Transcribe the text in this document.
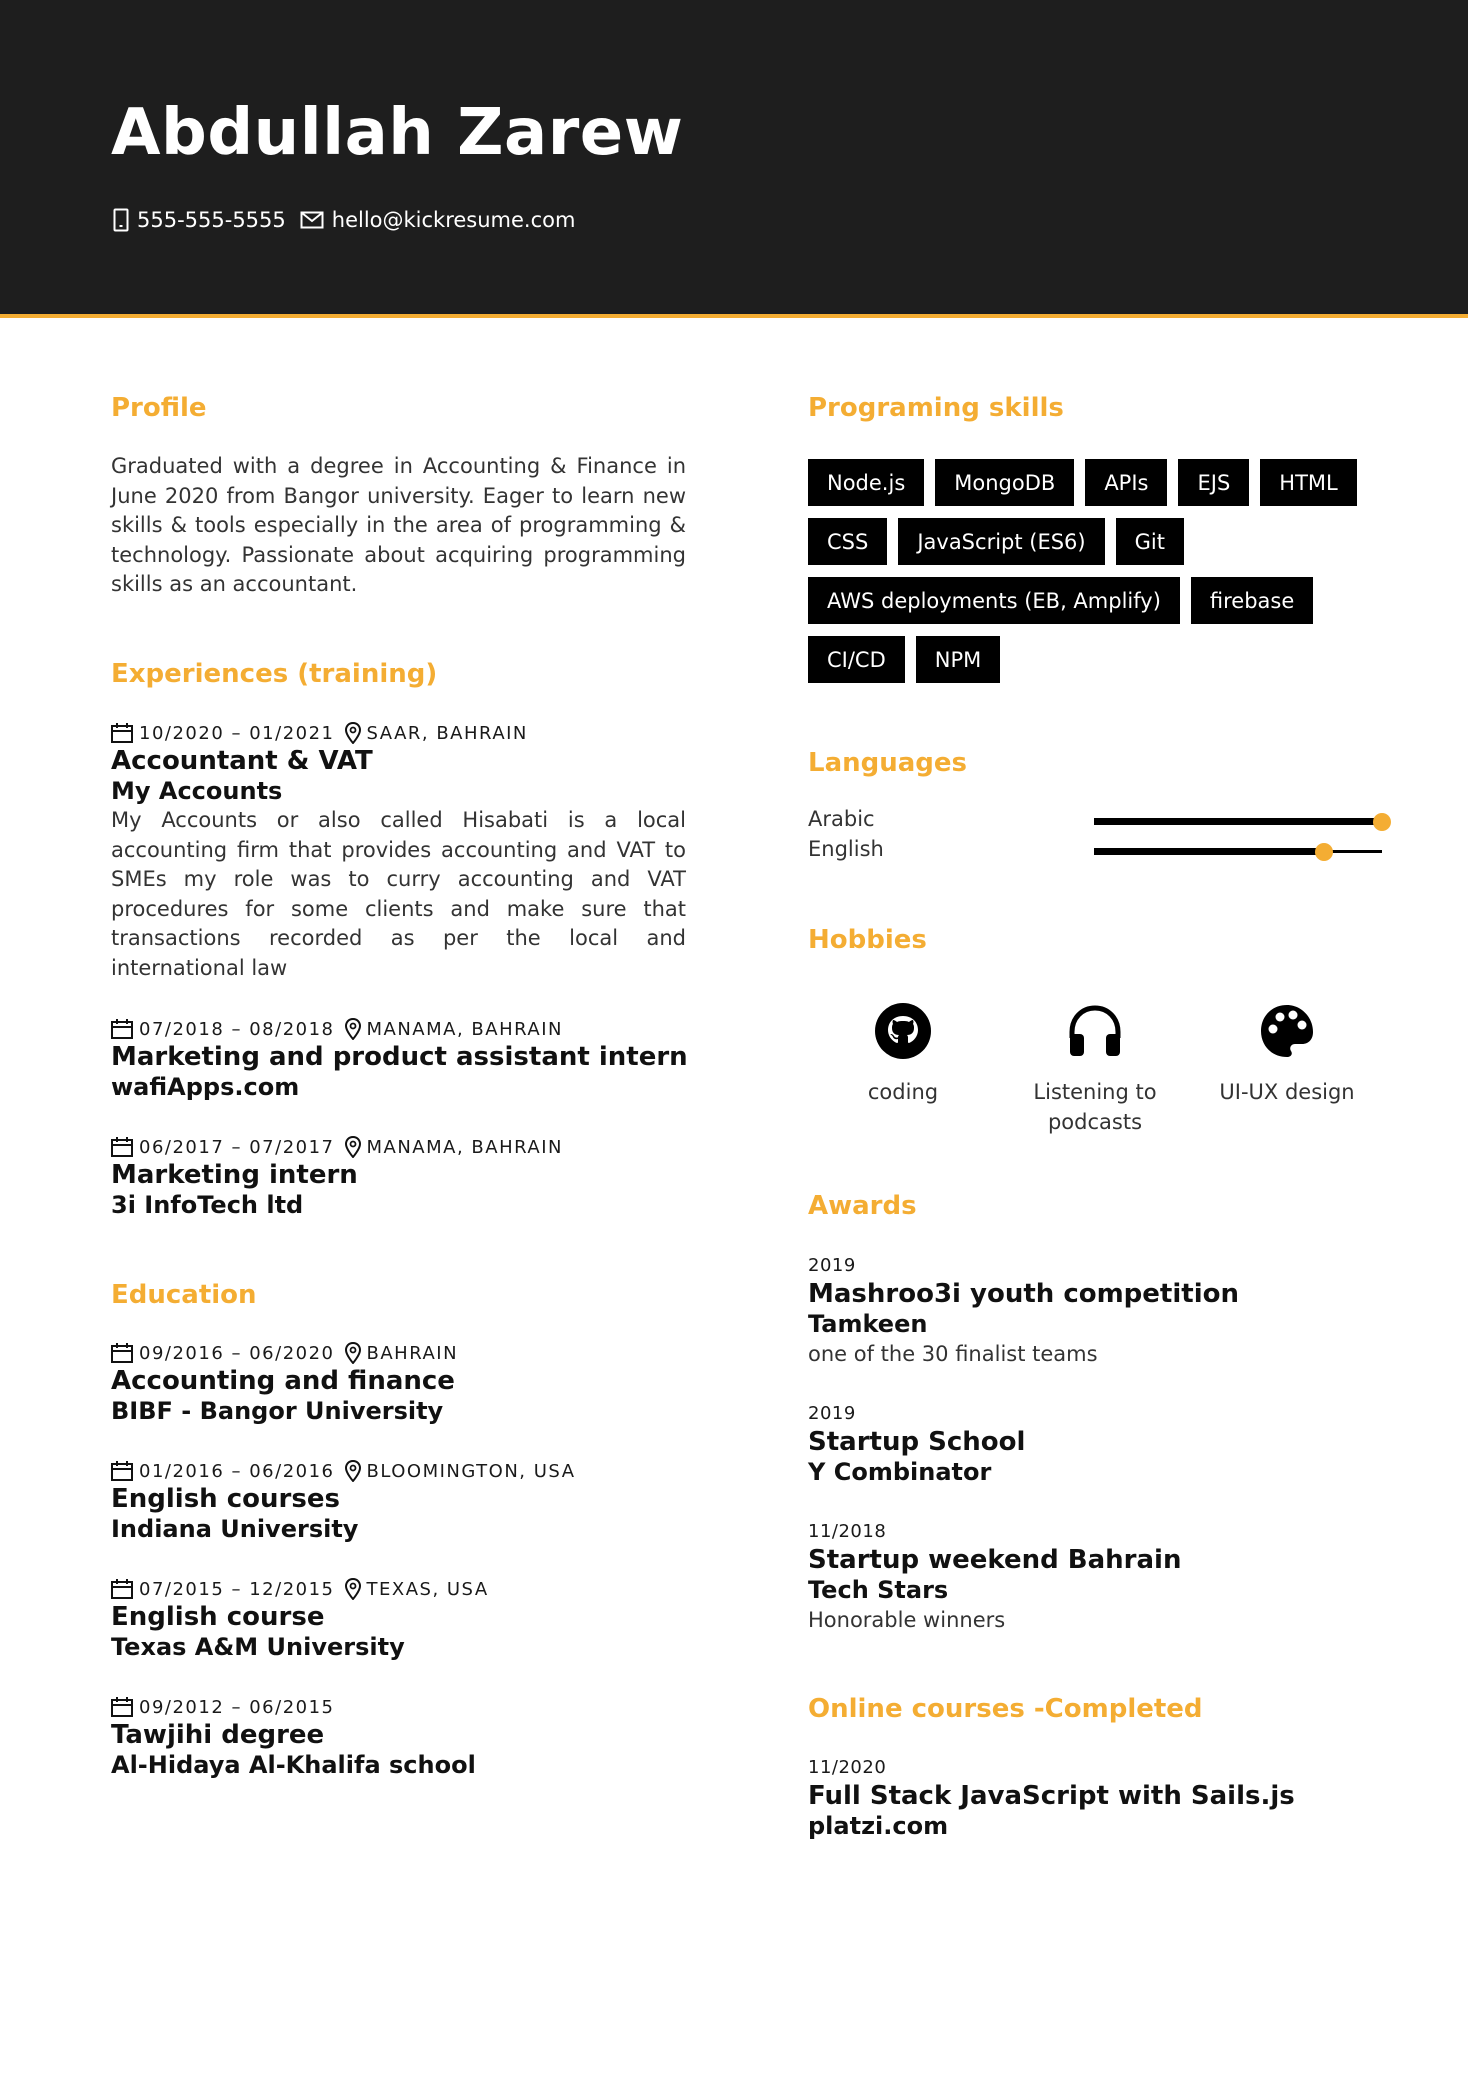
Abdullah Zarew
555-555-5555 hello@kickresume.com
Profile
Graduated with a degree in Accounting & Finance in June 2020 from Bangor university. Eager to learn new skills & tools especially in the area of programming & technology. Passionate about acquiring programming skills as an accountant.
Experiences (training)
10/2020 – 01/2021 SAAR, BAHRAIN
Accountant & VAT
My Accounts
My Accounts or also called Hisabati is a local accounting firm that provides accounting and VAT to SMEs my role was to curry accounting and VAT procedures for some clients and make sure that transactions recorded as per the local and international law
07/2018 – 08/2018 MANAMA, BAHRAIN
Marketing and product assistant intern
wafiApps.com
06/2017 – 07/2017 MANAMA, BAHRAIN
Marketing intern
3i InfoTech ltd
Education
09/2016 – 06/2020 BAHRAIN
Accounting and finance
BIBF - Bangor University
01/2016 – 06/2016 BLOOMINGTON, USA
English courses
Indiana University
07/2015 – 12/2015 TEXAS, USA
English course
Texas A&M University
09/2012 – 06/2015
Tawjihi degree
Al-Hidaya Al-Khalifa school
Programing skills
Node.js	MongoDB	APIs	EJS	HTML
CSS	JavaScript (ES6)	Git
AWS deployments (EB, Amplify)	firebase
CI/CD	NPM
Languages
Arabic
English
Hobbies
coding	Listening to podcasts
UI-UX design
Awards
2019
Mashroo3i youth competition
Tamkeen
one of the 30 finalist teams
2019
Startup School
Y Combinator
11/2018
Startup weekend Bahrain
Tech Stars
Honorable winners
Online courses -Completed
11/2020
Full Stack JavaScript with Sails.js
platzi.com
